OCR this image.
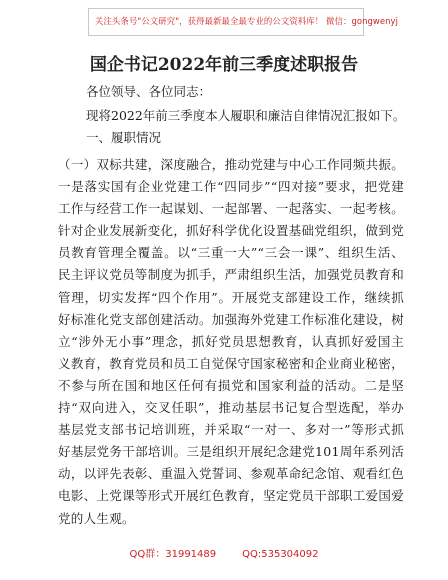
关注头条号"公文研究"，获得最新最全最专业的公文资料库！ 微信：gongwenyj
国企书记2022年前三季度述职报告
各位领导、各位同志：
现将2022年前三季度本人履职和廉洁自律情况汇报如下。
一、履职情况
（一）双标共建，深度融合，推动党建与中心工作同频共振。一是落实国有企业党建工作“四同步”“四对接”要求，把党建工作与经营工作一起谋划、一起部署、一起落实、一起考核。针对企业发展新变化，抓好科学优化设置基础党组织，做到党员教育管理全覆盖。以“三重一大”“三会一课”、组织生活、民主评议党员等制度为抓手，严肃组织生活，加强党员教育和管理，切实发挥“四个作用”。开展党支部建设工作，继续抓好标准化党支部创建活动。加强海外党建工作标准化建设，树立“涉外无小事”理念，抓好党员思想教育，认真抓好爱国主义教育，教育党员和员工自觉保守国家秘密和企业商业秘密，不参与所在国和地区任何有损党和国家利益的活动。二是坚持“双向进入，交叉任职”，推动基层书记复合型选配，举办基层党支部书记培训班，并采取“一对一、多对一”等形式抓好基层党务干部培训。三是组织开展纪念建党101周年系列活动，以评先表彰、重温入党誓词、参观革命纪念馆、观看红色电影、上党课等形式开展红色教育，坚定党员干部职工爱国爱党的人生观。
QQ群：31991489	QQ:535304092
